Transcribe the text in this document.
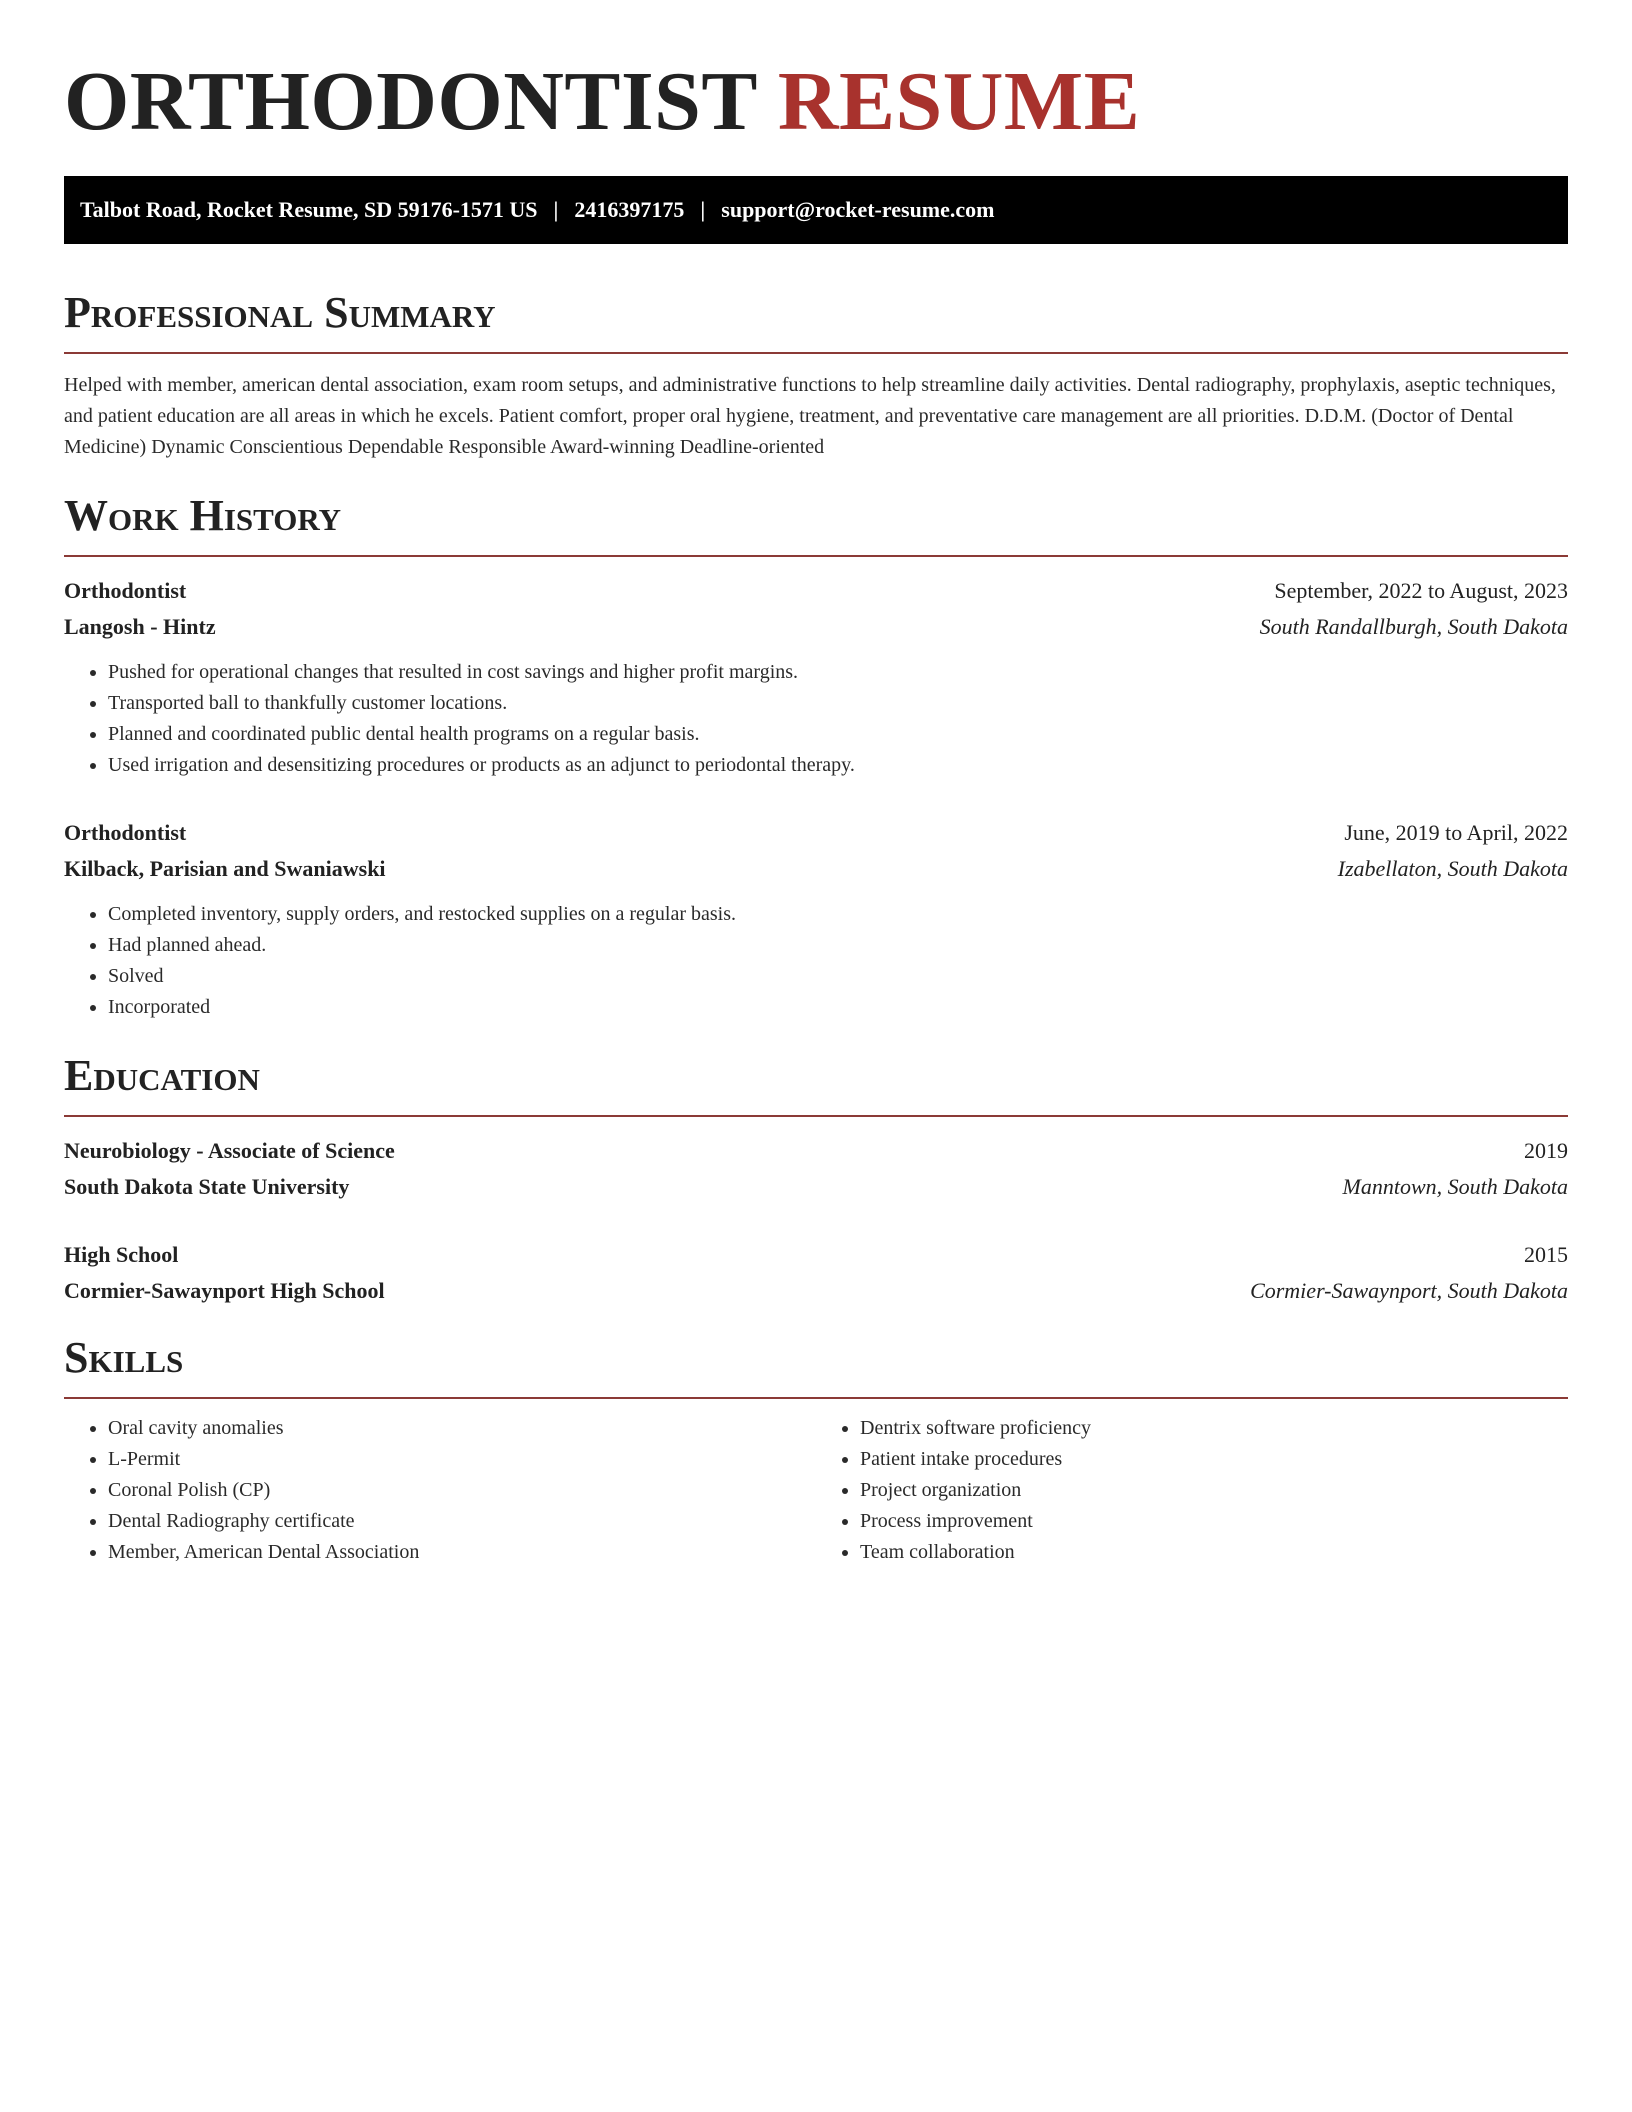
ORTHODONTIST RESUME
Talbot Road, Rocket Resume, SD 59176-1571 US | 2416397175 | support@rocket-resume.com
Professional Summary

Helped with member, american dental association, exam room setups, and administrative functions to help streamline daily activities. Dental radiography, prophylaxis, aseptic techniques, and patient education are all areas in which he excels. Patient comfort, proper oral hygiene, treatment, and preventative care management are all priorities. D.D.M. (Doctor of Dental Medicine) Dynamic Conscientious Dependable Responsible Award-winning Deadline-oriented

Work History
Orthodontist	September, 2022 to August, 2023
Langosh - Hintz	South Randallburgh, South Dakota
• Pushed for operational changes that resulted in cost savings and higher profit margins.
• Transported ball to thankfully customer locations.
• Planned and coordinated public dental health programs on a regular basis.
• Used irrigation and desensitizing procedures or products as an adjunct to periodontal therapy.
Orthodontist	June, 2019 to April, 2022
Kilback, Parisian and Swaniawski	Izabellaton, South Dakota
• Completed inventory, supply orders, and restocked supplies on a regular basis.
• Had planned ahead.
• Solved
• Incorporated
Education
Neurobiology - Associate of Science	2019
South Dakota State University	Manntown, South Dakota
High School	2015
Cormier-Sawaynport High School	Cormier-Sawaynport, South Dakota
Skills
• Oral cavity anomalies
• L-Permit
• Coronal Polish (CP)
• Dental Radiography certificate
• Member, American Dental Association
• Dentrix software proficiency
• Patient intake procedures
• Project organization
• Process improvement
• Team collaboration
